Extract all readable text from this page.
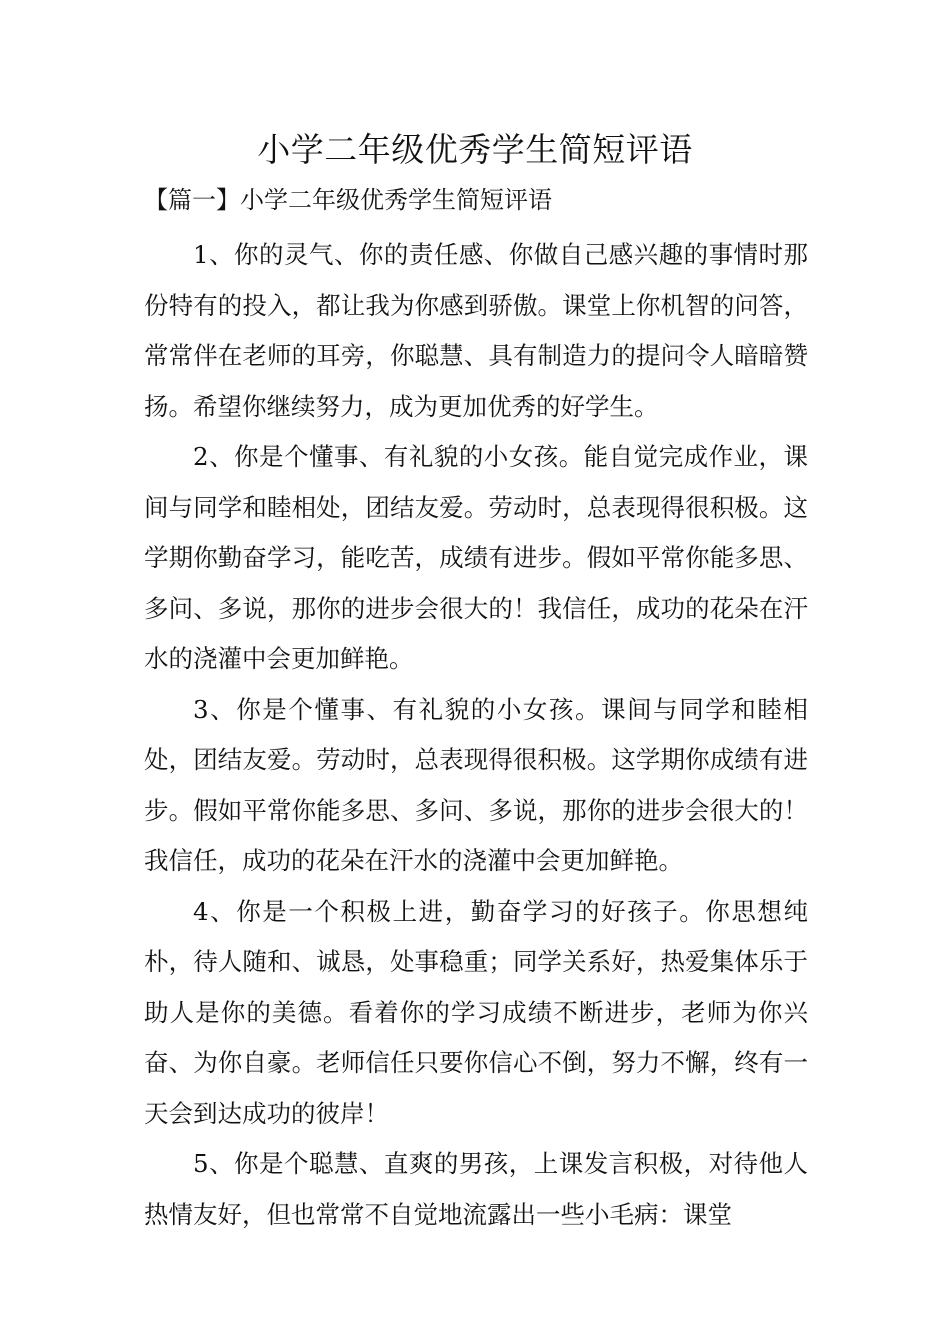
小学二年级优秀学生简短评语

【篇一】小学二年级优秀学生简短评语

1、你的灵气、你的责任感、你做自己感兴趣的事情时那份特有的投入，都让我为你感到骄傲。课堂上你机智的问答，常常伴在老师的耳旁，你聪慧、具有制造力的提问令人暗暗赞扬。希望你继续努力，成为更加优秀的好学生。

2、你是个懂事、有礼貌的小女孩。能自觉完成作业，课间与同学和睦相处，团结友爱。劳动时，总表现得很积极。这学期你勤奋学习，能吃苦，成绩有进步。假如平常你能多思、多问、多说，那你的进步会很大的！我信任，成功的花朵在汗水的浇灌中会更加鲜艳。

3、你是个懂事、有礼貌的小女孩。课间与同学和睦相处，团结友爱。劳动时，总表现得很积极。这学期你成绩有进步。假如平常你能多思、多问、多说，那你的进步会很大的！我信任，成功的花朵在汗水的浇灌中会更加鲜艳。

4、你是一个积极上进，勤奋学习的好孩子。你思想纯朴，待人随和、诚恳，处事稳重；同学关系好，热爱集体乐于助人是你的美德。看着你的学习成绩不断进步，老师为你兴奋、为你自豪。老师信任只要你信心不倒，努力不懈，终有一天会到达成功的彼岸！

5、你是个聪慧、直爽的男孩，上课发言积极，对待他人热情友好，但也常常不自觉地流露出一些小毛病：课堂
